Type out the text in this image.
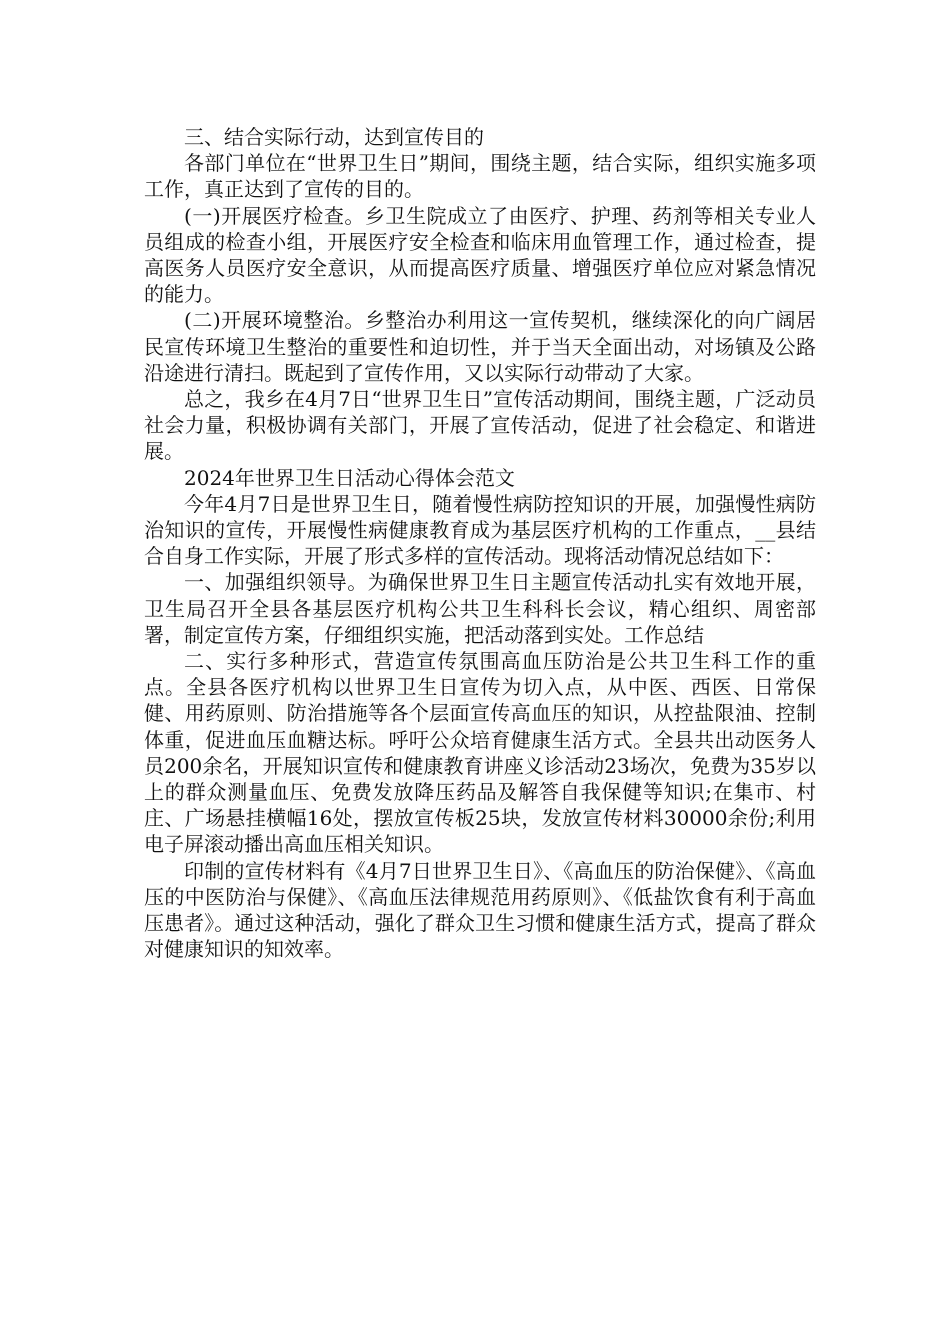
三、结合实际行动，达到宣传目的

各部门单位在“世界卫生日”期间，围绕主题，结合实际，组织实施多项工作，真正达到了宣传的目的。

(一)开展医疗检查。乡卫生院成立了由医疗、护理、药剂等相关专业人员组成的检查小组，开展医疗安全检查和临床用血管理工作，通过检查，提高医务人员医疗安全意识，从而提高医疗质量、增强医疗单位应对紧急情况的能力。

(二)开展环境整治。乡整治办利用这一宣传契机，继续深化的向广阔居民宣传环境卫生整治的重要性和迫切性，并于当天全面出动，对场镇及公路沿途进行清扫。既起到了宣传作用，又以实际行动带动了大家。

总之，我乡在4月7日“世界卫生日”宣传活动期间，围绕主题，广泛动员社会力量，积极协调有关部门，开展了宣传活动，促进了社会稳定、和谐进展。

2024年世界卫生日活动心得体会范文

今年4月7日是世界卫生日，随着慢性病防控知识的开展，加强慢性病防治知识的宣传，开展慢性病健康教育成为基层医疗机构的工作重点，__县结合自身工作实际，开展了形式多样的宣传活动。现将活动情况总结如下：

一、加强组织领导。为确保世界卫生日主题宣传活动扎实有效地开展，卫生局召开全县各基层医疗机构公共卫生科科长会议，精心组织、周密部署，制定宣传方案，仔细组织实施，把活动落到实处。工作总结

二、实行多种形式，营造宣传氛围高血压防治是公共卫生科工作的重点。全县各医疗机构以世界卫生日宣传为切入点，从中医、西医、日常保健、用药原则、防治措施等各个层面宣传高血压的知识，从控盐限油、控制体重，促进血压血糖达标。呼吁公众培育健康生活方式。全县共出动医务人员200余名，开展知识宣传和健康教育讲座义诊活动23场次，免费为35岁以上的群众测量血压、免费发放降压药品及解答自我保健等知识;在集市、村庄、广场悬挂横幅16处，摆放宣传板25块，发放宣传材料30000余份;利用电子屏滚动播出高血压相关知识。

印制的宣传材料有《4月7日世界卫生日》、《高血压的防治保健》、《高血压的中医防治与保健》、《高血压法律规范用药原则》、《低盐饮食有利于高血压患者》。通过这种活动，强化了群众卫生习惯和健康生活方式，提高了群众对健康知识的知效率。
